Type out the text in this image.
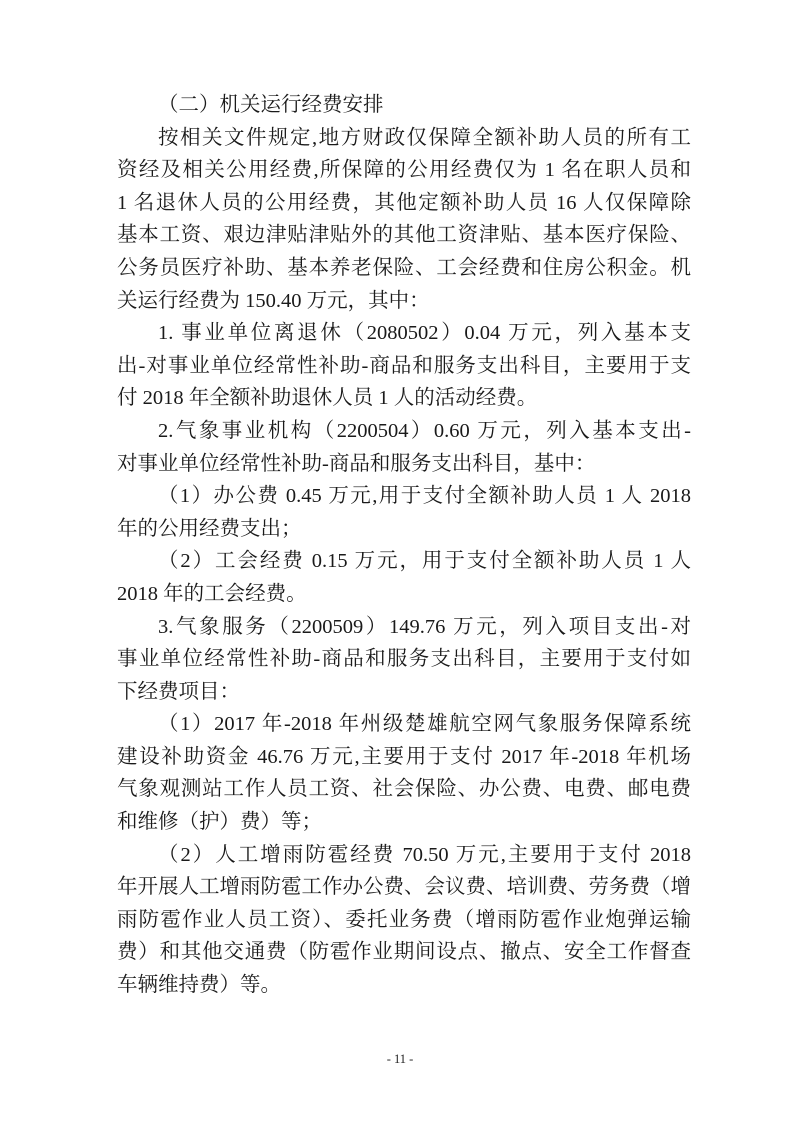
（二）机关运行经费安排
按相关文件规定,地方财政仅保障全额补助人员的所有工
资经及相关公用经费,所保障的公用经费仅为 1 名在职人员和
1 名退休人员的公用经费，其他定额补助人员 16 人仅保障除
基本工资、艰边津贴津贴外的其他工资津贴、基本医疗保险、
公务员医疗补助、基本养老保险、工会经费和住房公积金。机
关运行经费为 150.40 万元，其中：
1. 事业单位离退休（2080502）0.04 万元，列入基本支
出-对事业单位经常性补助-商品和服务支出科目，主要用于支
付 2018 年全额补助退休人员 1 人的活动经费。
2.气象事业机构（2200504）0.60 万元，列入基本支出-
对事业单位经常性补助-商品和服务支出科目，基中：
（1）办公费 0.45 万元,用于支付全额补助人员 1 人 2018
年的公用经费支出；
（2）工会经费 0.15 万元，用于支付全额补助人员 1 人
2018 年的工会经费。
3.气象服务（2200509）149.76 万元，列入项目支出-对
事业单位经常性补助-商品和服务支出科目，主要用于支付如
下经费项目：
（1）2017 年-2018 年州级楚雄航空网气象服务保障系统
建设补助资金 46.76 万元,主要用于支付 2017 年-2018 年机场
气象观测站工作人员工资、社会保险、办公费、电费、邮电费
和维修（护）费）等；
（2）人工增雨防雹经费 70.50 万元,主要用于支付 2018
年开展人工增雨防雹工作办公费、会议费、培训费、劳务费（增
雨防雹作业人员工资）、委托业务费（增雨防雹作业炮弹运输
费）和其他交通费（防雹作业期间设点、撤点、安全工作督查
车辆维持费）等。
- 11 -
